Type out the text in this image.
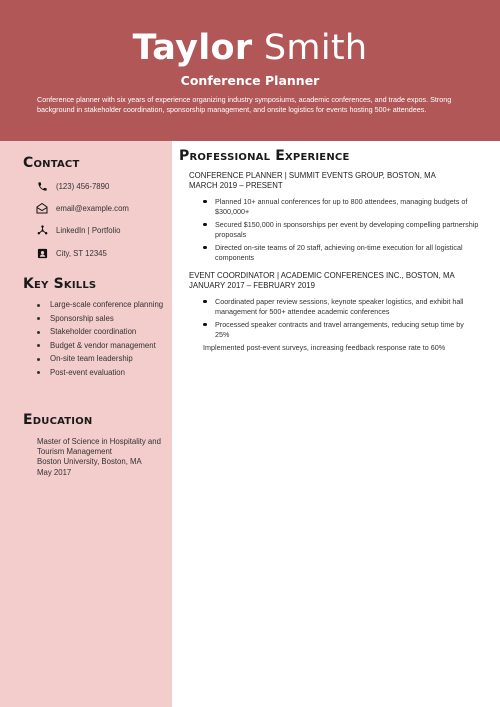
Taylor Smith
Conference Planner
Conference planner with six years of experience organizing industry symposiums, academic conferences, and trade expos. Strong background in stakeholder coordination, sponsorship management, and onsite logistics for events hosting 500+ attendees.
Contact
(123) 456-7890
email@example.com
LinkedIn | Portfolio
City, ST 12345
Key Skills
Large-scale conference planning
Sponsorship sales
Stakeholder coordination
Budget & vendor management
On-site team leadership
Post-event evaluation
Education
Master of Science in Hospitality and Tourism Management
Boston University, Boston, MA
May 2017
Professional Experience
CONFERENCE PLANNER | SUMMIT EVENTS GROUP, BOSTON, MA
MARCH 2019 – PRESENT
Planned 10+ annual conferences for up to 800 attendees, managing budgets of $300,000+
Secured $150,000 in sponsorships per event by developing compelling partnership proposals
Directed on-site teams of 20 staff, achieving on-time execution for all logistical components
EVENT COORDINATOR | ACADEMIC CONFERENCES INC., BOSTON, MA
JANUARY 2017 – FEBRUARY 2019
Coordinated paper review sessions, keynote speaker logistics, and exhibit hall management for 500+ attendee academic conferences
Processed speaker contracts and travel arrangements, reducing setup time by 25%
Implemented post-event surveys, increasing feedback response rate to 60%
